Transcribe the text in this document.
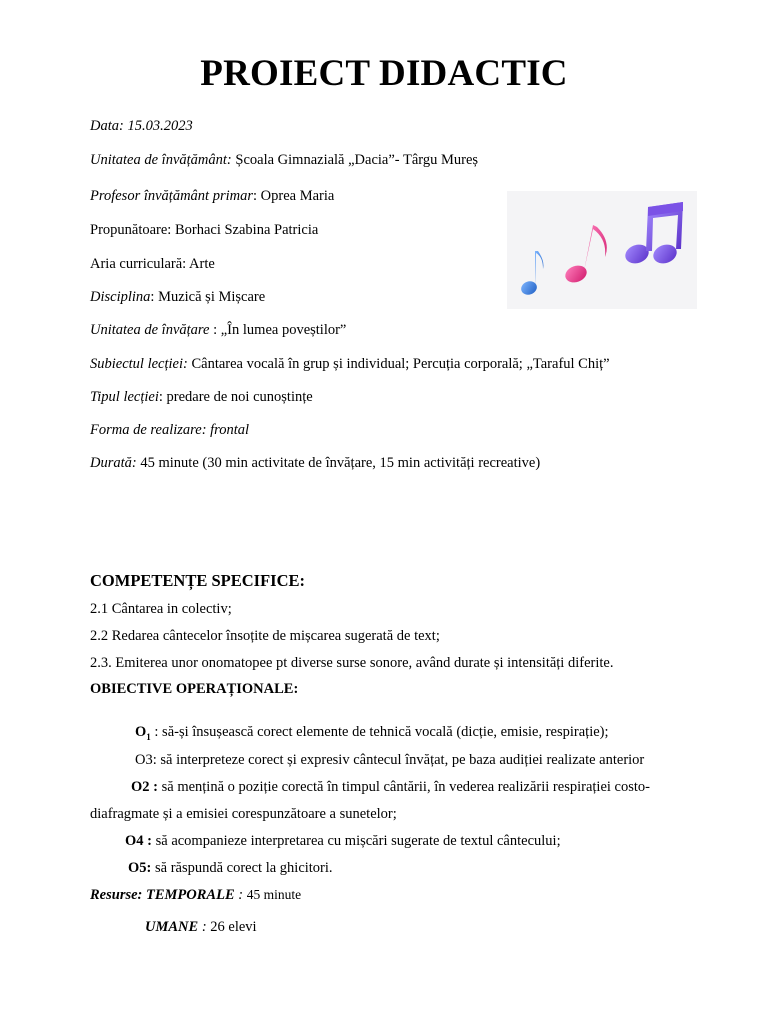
PROIECT DIDACTIC
Data: 15.03.2023
Unitatea de învățământ: Școala Gimnazială „Dacia”- Târgu Mureș
Profesor învățământ primar: Oprea Maria
Propunătoare: Borhaci Szabina Patricia
Aria curriculară: Arte
Disciplina: Muzică și Mișcare
Unitatea de învățare : „În lumea poveștilor”
Subiectul lecției: Cântarea vocală în grup și individual; Percuția corporală; „Taraful Chiț”
Tipul lecției: predare de noi cunoștințe
Forma de realizare: frontal
Durată: 45 minute (30 min activitate de învățare, 15 min activități recreative)
COMPETENȚE SPECIFICE:
2.1 Cântarea in colectiv;
2.2 Redarea cântecelor însoțite de mișcarea sugerată de text;
2.3. Emiterea unor onomatopee pt diverse surse sonore, având durate și intensități diferite.
OBIECTIVE OPERAȚIONALE:
$O_1$ : să-și însușească corect elemente de tehnică vocală (dicție, emisie, respirație);
O3: să interpreteze corect și expresiv cântecul învățat, pe baza audiției realizate anterior
O2 : să mențină o poziție corectă în timpul cântării, în vederea realizării respirației costo-
diafragmate și a emisiei corespunzătoare a sunetelor;
O4 : să acompanieze interpretarea cu mișcări sugerate de textul cântecului;
O5: să răspundă corect la ghicitori.
Resurse: TEMPORALE : 45 minute
UMANE : 26 elevi
